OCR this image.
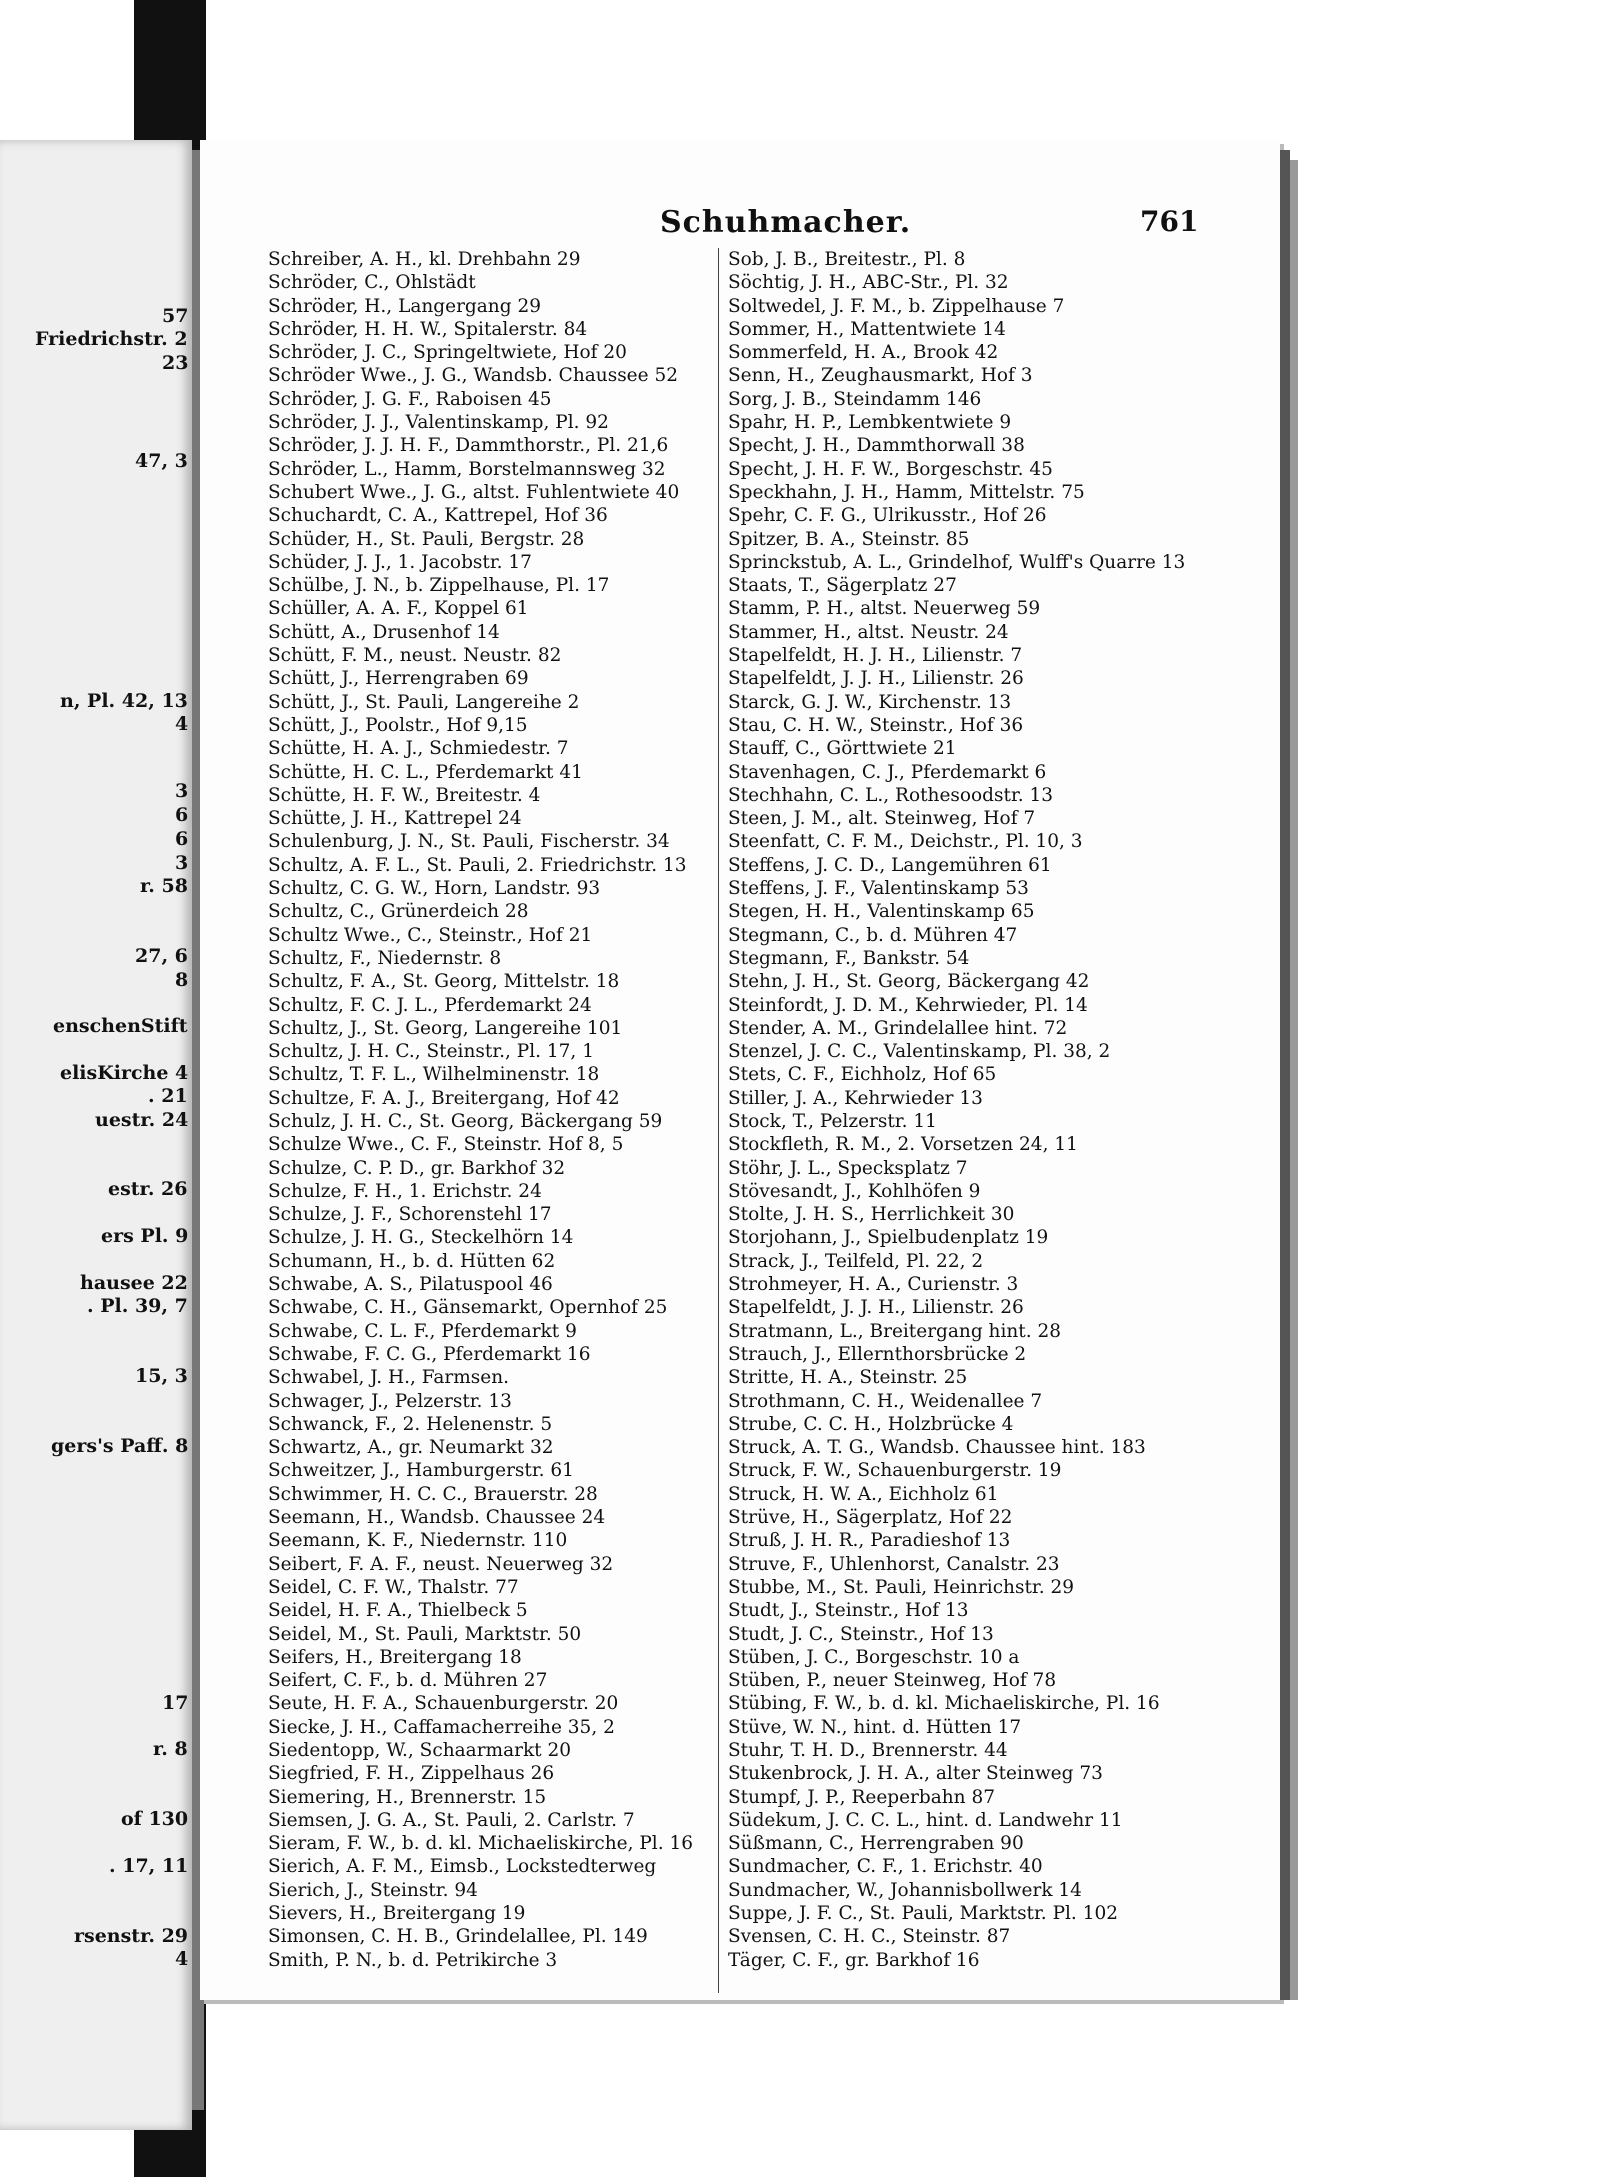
57
Friedrichstr. 2
23
47, 3
n, Pl. 42, 13
4
3
6
6
3
r. 58
27, 6
8
enschenStift
elisKirche 4
. 21
uestr. 24
estr. 26
ers Pl. 9
hausee 22
. Pl. 39, 7
15, 3
gers's Paff. 8
17
r. 8
of 130
. 17, 11
rsenstr. 29
4
Schuhmacher.	761
Schreiber, A. H., kl. Drehbahn 29
Schröder, C., Ohlstädt
Schröder, H., Langergang 29
Schröder, H. H. W., Spitalerstr. 84
Schröder, J. C., Springeltwiete, Hof 20
Schröder Wwe., J. G., Wandsb. Chaussee 52
Schröder, J. G. F., Raboisen 45
Schröder, J. J., Valentinskamp, Pl. 92
Schröder, J. J. H. F., Dammthorstr., Pl. 21,6
Schröder, L., Hamm, Borstelmannsweg 32
Schubert Wwe., J. G., altst. Fuhlentwiete 40
Schuchardt, C. A., Kattrepel, Hof 36
Schüder, H., St. Pauli, Bergstr. 28
Schüder, J. J., 1. Jacobstr. 17
Schülbe, J. N., b. Zippelhause, Pl. 17
Schüller, A. A. F., Koppel 61
Schütt, A., Drusenhof 14
Schütt, F. M., neust. Neustr. 82
Schütt, J., Herrengraben 69
Schütt, J., St. Pauli, Langereihe 2
Schütt, J., Poolstr., Hof 9,15
Schütte, H. A. J., Schmiedestr. 7
Schütte, H. C. L., Pferdemarkt 41
Schütte, H. F. W., Breitestr. 4
Schütte, J. H., Kattrepel 24
Schulenburg, J. N., St. Pauli, Fischerstr. 34
Schultz, A. F. L., St. Pauli, 2. Friedrichstr. 13
Schultz, C. G. W., Horn, Landstr. 93
Schultz, C., Grünerdeich 28
Schultz Wwe., C., Steinstr., Hof 21
Schultz, F., Niedernstr. 8
Schultz, F. A., St. Georg, Mittelstr. 18
Schultz, F. C. J. L., Pferdemarkt 24
Schultz, J., St. Georg, Langereihe 101
Schultz, J. H. C., Steinstr., Pl. 17, 1
Schultz, T. F. L., Wilhelminenstr. 18
Schultze, F. A. J., Breitergang, Hof 42
Schulz, J. H. C., St. Georg, Bäckergang 59
Schulze Wwe., C. F., Steinstr. Hof 8, 5
Schulze, C. P. D., gr. Barkhof 32
Schulze, F. H., 1. Erichstr. 24
Schulze, J. F., Schorenstehl 17
Schulze, J. H. G., Steckelhörn 14
Schumann, H., b. d. Hütten 62
Schwabe, A. S., Pilatuspool 46
Schwabe, C. H., Gänsemarkt, Opernhof 25
Schwabe, C. L. F., Pferdemarkt 9
Schwabe, F. C. G., Pferdemarkt 16
Schwabel, J. H., Farmsen.
Schwager, J., Pelzerstr. 13
Schwanck, F., 2. Helenenstr. 5
Schwartz, A., gr. Neumarkt 32
Schweitzer, J., Hamburgerstr. 61
Schwimmer, H. C. C., Brauerstr. 28
Seemann, H., Wandsb. Chaussee 24
Seemann, K. F., Niedernstr. 110
Seibert, F. A. F., neust. Neuerweg 32
Seidel, C. F. W., Thalstr. 77
Seidel, H. F. A., Thielbeck 5
Seidel, M., St. Pauli, Marktstr. 50
Seifers, H., Breitergang 18
Seifert, C. F., b. d. Mühren 27
Seute, H. F. A., Schauenburgerstr. 20
Siecke, J. H., Caffamacherreihe 35, 2
Siedentopp, W., Schaarmarkt 20
Siegfried, F. H., Zippelhaus 26
Siemering, H., Brennerstr. 15
Siemsen, J. G. A., St. Pauli, 2. Carlstr. 7
Sieram, F. W., b. d. kl. Michaeliskirche, Pl. 16
Sierich, A. F. M., Eimsb., Lockstedterweg
Sierich, J., Steinstr. 94
Sievers, H., Breitergang 19
Simonsen, C. H. B., Grindelallee, Pl. 149
Smith, P. N., b. d. Petrikirche 3
Sob, J. B., Breitestr., Pl. 8
Söchtig, J. H., ABC-Str., Pl. 32
Soltwedel, J. F. M., b. Zippelhause 7
Sommer, H., Mattentwiete 14
Sommerfeld, H. A., Brook 42
Senn, H., Zeughausmarkt, Hof 3
Sorg, J. B., Steindamm 146
Spahr, H. P., Lembkentwiete 9
Specht, J. H., Dammthorwall 38
Specht, J. H. F. W., Borgeschstr. 45
Speckhahn, J. H., Hamm, Mittelstr. 75
Spehr, C. F. G., Ulrikusstr., Hof 26
Spitzer, B. A., Steinstr. 85
Sprinckstub, A. L., Grindelhof, Wulff's Quarre 13
Staats, T., Sägerplatz 27
Stamm, P. H., altst. Neuerweg 59
Stammer, H., altst. Neustr. 24
Stapelfeldt, H. J. H., Lilienstr. 7
Stapelfeldt, J. J. H., Lilienstr. 26
Starck, G. J. W., Kirchenstr. 13
Stau, C. H. W., Steinstr., Hof 36
Stauff, C., Görttwiete 21
Stavenhagen, C. J., Pferdemarkt 6
Stechhahn, C. L., Rothesoodstr. 13
Steen, J. M., alt. Steinweg, Hof 7
Steenfatt, C. F. M., Deichstr., Pl. 10, 3
Steffens, J. C. D., Langemühren 61
Steffens, J. F., Valentinskamp 53
Stegen, H. H., Valentinskamp 65
Stegmann, C., b. d. Mühren 47
Stegmann, F., Bankstr. 54
Stehn, J. H., St. Georg, Bäckergang 42
Steinfordt, J. D. M., Kehrwieder, Pl. 14
Stender, A. M., Grindelallee hint. 72
Stenzel, J. C. C., Valentinskamp, Pl. 38, 2
Stets, C. F., Eichholz, Hof 65
Stiller, J. A., Kehrwieder 13
Stock, T., Pelzerstr. 11
Stockfleth, R. M., 2. Vorsetzen 24, 11
Stöhr, J. L., Specksplatz 7
Stövesandt, J., Kohlhöfen 9
Stolte, J. H. S., Herrlichkeit 30
Storjohann, J., Spielbudenplatz 19
Strack, J., Teilfeld, Pl. 22, 2
Strohmeyer, H. A., Curienstr. 3
Stapelfeldt, J. J. H., Lilienstr. 26
Stratmann, L., Breitergang hint. 28
Strauch, J., Ellernthorsbrücke 2
Stritte, H. A., Steinstr. 25
Strothmann, C. H., Weidenallee 7
Strube, C. C. H., Holzbrücke 4
Struck, A. T. G., Wandsb. Chaussee hint. 183
Struck, F. W., Schauenburgerstr. 19
Struck, H. W. A., Eichholz 61
Strüve, H., Sägerplatz, Hof 22
Struß, J. H. R., Paradieshof 13
Struve, F., Uhlenhorst, Canalstr. 23
Stubbe, M., St. Pauli, Heinrichstr. 29
Studt, J., Steinstr., Hof 13
Studt, J. C., Steinstr., Hof 13
Stüben, J. C., Borgeschstr. 10 a
Stüben, P., neuer Steinweg, Hof 78
Stübing, F. W., b. d. kl. Michaeliskirche, Pl. 16
Stüve, W. N., hint. d. Hütten 17
Stuhr, T. H. D., Brennerstr. 44
Stukenbrock, J. H. A., alter Steinweg 73
Stumpf, J. P., Reeperbahn 87
Südekum, J. C. C. L., hint. d. Landwehr 11
Süßmann, C., Herrengraben 90
Sundmacher, C. F., 1. Erichstr. 40
Sundmacher, W., Johannisbollwerk 14
Suppe, J. F. C., St. Pauli, Marktstr. Pl. 102
Svensen, C. H. C., Steinstr. 87
Täger, C. F., gr. Barkhof 16
